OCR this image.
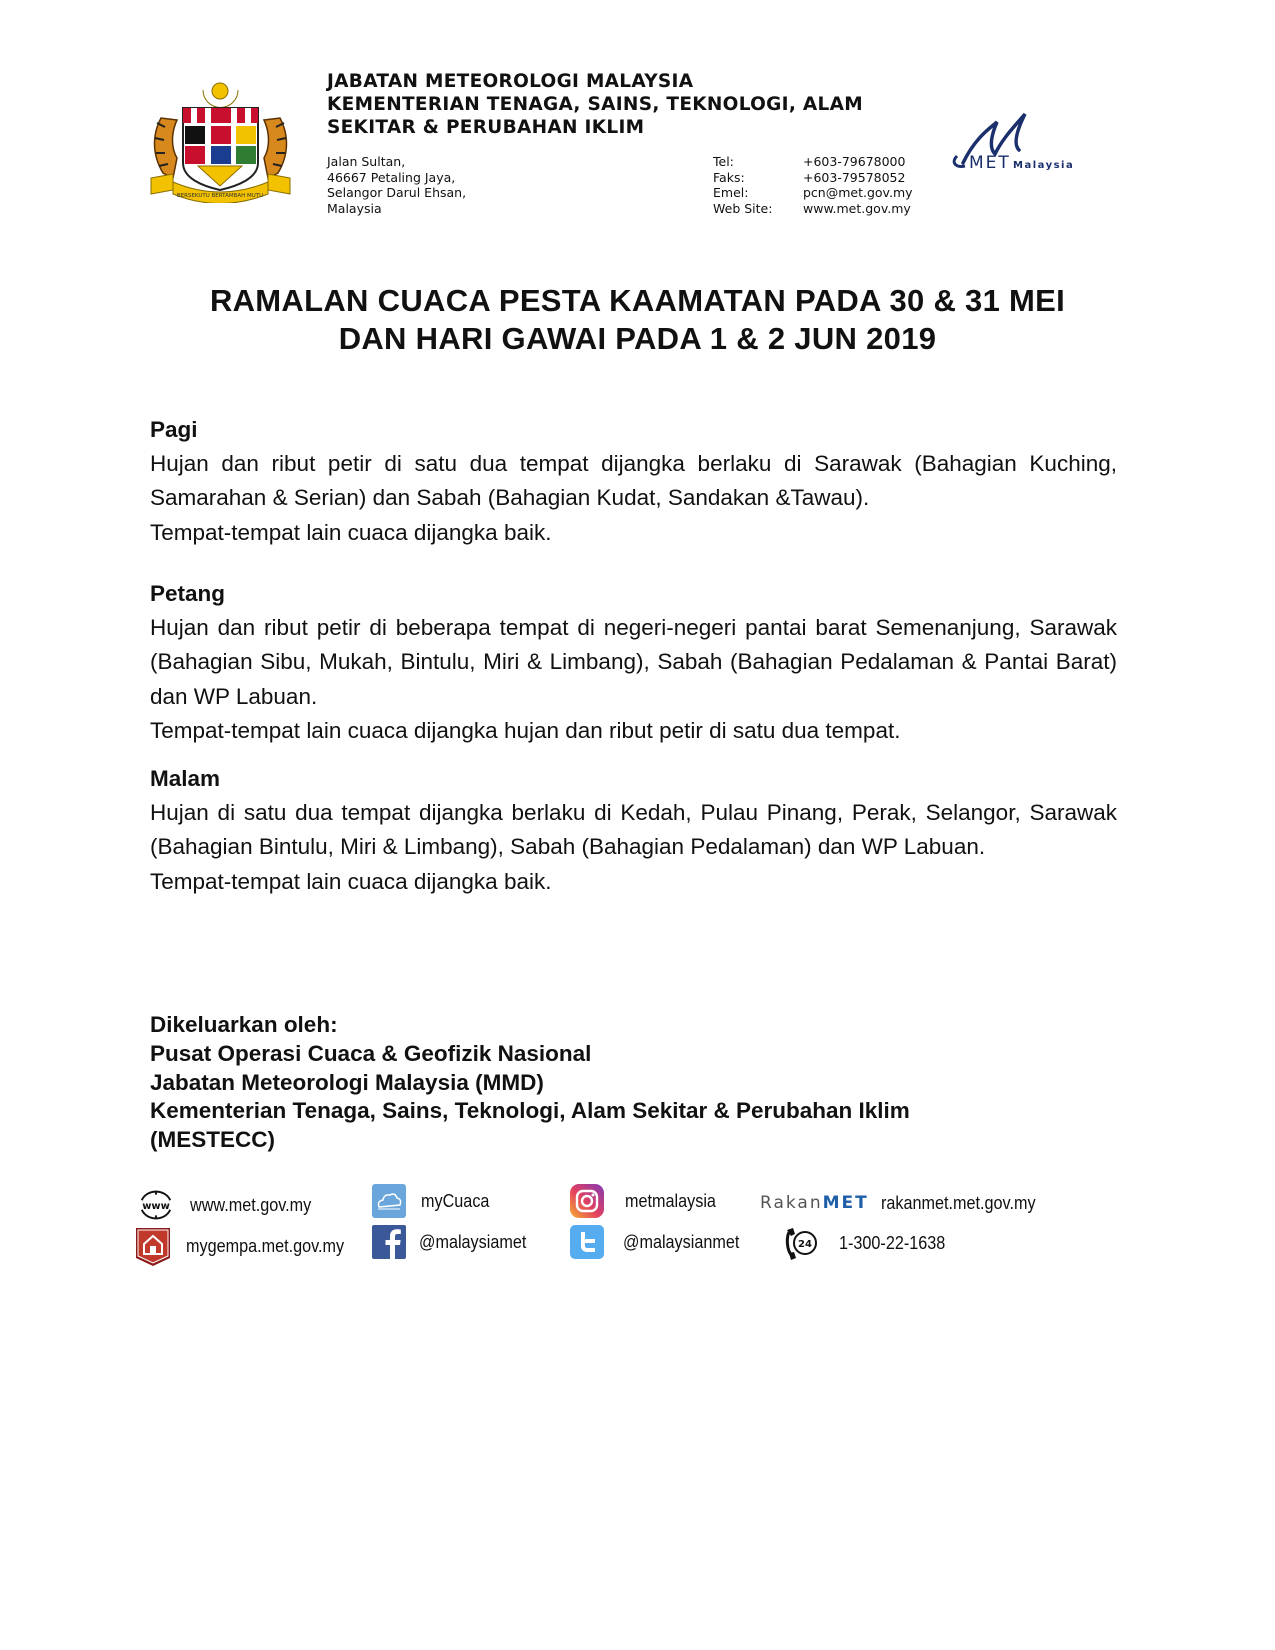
BERSEKUTU BERTAMBAH MUTU
JABATAN METEOROLOGI MALAYSIA
KEMENTERIAN TENAGA, SAINS, TEKNOLOGI, ALAM
SEKITAR & PERUBAHAN IKLIM
Jalan Sultan,
46667 Petaling Jaya,
Selangor Darul Ehsan,
Malaysia
Tel:	+603-79678000
Faks:	+603-79578052
Emel:	pcn@met.gov.my
Web Site:	www.met.gov.my
MET Malaysia
RAMALAN CUACA PESTA KAAMATAN PADA 30 & 31 MEI
DAN HARI GAWAI PADA 1 & 2 JUN 2019

Pagi

Hujan dan ribut petir di satu dua tempat dijangka berlaku di Sarawak (Bahagian Kuching, Samarahan & Serian) dan Sabah (Bahagian Kudat, Sandakan &Tawau).

Tempat-tempat lain cuaca dijangka baik.

Petang

Hujan dan ribut petir di beberapa tempat di negeri-negeri pantai barat Semenanjung, Sarawak (Bahagian Sibu, Mukah, Bintulu, Miri & Limbang), Sabah (Bahagian Pedalaman & Pantai Barat) dan WP Labuan.

Tempat-tempat lain cuaca dijangka hujan dan ribut petir di satu dua tempat.

Malam

Hujan di satu dua tempat dijangka berlaku di Kedah, Pulau Pinang, Perak, Selangor, Sarawak (Bahagian Bintulu, Miri & Limbang), Sabah (Bahagian Pedalaman) dan WP Labuan.

Tempat-tempat lain cuaca dijangka baik.

Dikeluarkan oleh:
Pusat Operasi Cuaca & Geofizik Nasional
Jabatan Meteorologi Malaysia (MMD)
Kementerian Tenaga, Sains, Teknologi, Alam Sekitar & Perubahan Iklim
(MESTECC)
www www.met.gov.my	myCuaca	metmalaysia	RakanMET rakanmet.met.gov.my
mygempa.met.gov.my	@malaysiamet	@malaysianmet	24 1-300-22-1638
